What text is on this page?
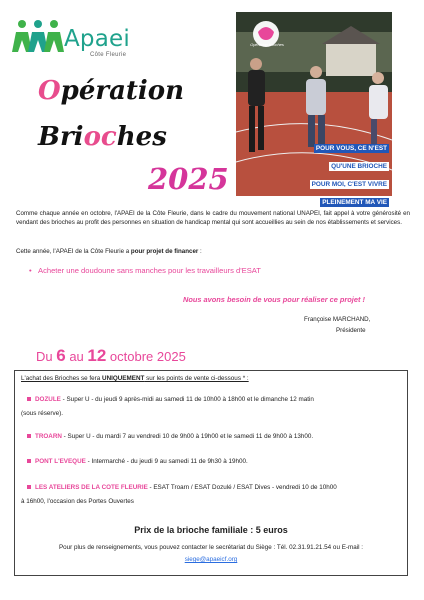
Apaei
Côte Fleurie
Opération
Brioches
2025
Opération brioches
POUR VOUS, CE N'EST QU'UNE BRIOCHE POUR MOI, C'EST VIVRE PLEINEMENT MA VIE
Comme chaque année en octobre, l'APAEI de la Côte Fleurie, dans le cadre du mouvement national UNAPEI, fait appel à votre générosité en vendant des brioches au profit des personnes en situation de handicap mental qui sont accueillies au sein de nos établissements et services.
Cette année, l'APAEI de la Côte Fleurie a pour projet de financer :
•   Acheter une doudoune sans manches pour les travailleurs d'ESAT
Nous avons besoin de vous pour réaliser ce projet !
Françoise MARCHAND,
Présidente
Du 6 au 12 octobre 2025
L'achat des Brioches se fera UNIQUEMENT sur les points de vente ci-dessous * :
DOZULE - Super U - du jeudi 9 après-midi au samedi 11 de 10h00 à 18h00 et le dimanche 12 matin
(sous réserve).
TROARN - Super U - du mardi 7 au vendredi 10 de 9h00 à 19h00 et le samedi 11 de 9h00 à 13h00.
PONT L'EVEQUE - Intermarché - du jeudi 9 au samedi 11 de 9h30 à 19h00.
LES ATELIERS DE LA COTE FLEURIE - ESAT Troarn / ESAT Dozulé / ESAT Dives - vendredi 10 de 10h00
à 16h00, l'occasion des Portes Ouvertes
Prix de la brioche familiale : 5 euros
Pour plus de renseignements, vous pouvez contacter le secrétariat du Siège : Tél. 02.31.91.21.54 ou E-mail :
siege@apaeicf.org
